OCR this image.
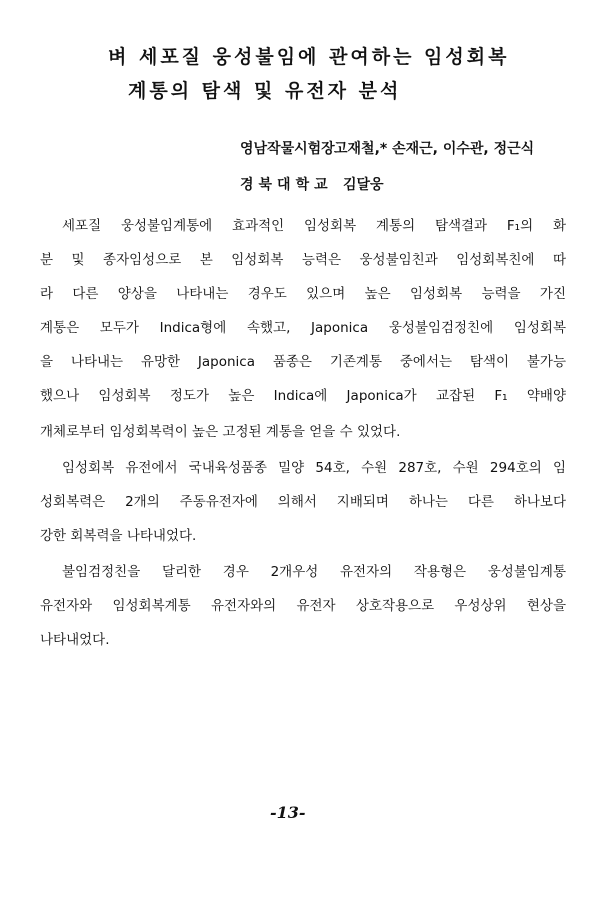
벼 세포질 웅성불임에 관여하는 임성회복
계통의 탐색 및 유전자 분석
영남작물시험장 고재철,* 손재근, 이수관, 정근식
경북대학교 김달웅
세포질 웅성불임계통에 효과적인 임성회복 계통의 탐색결과 F₁의 화
분 및 종자임성으로 본 임성회복 능력은 웅성불임친과 임성회복친에 따
라 다른 양상을 나타내는 경우도 있으며 높은 임성회복 능력을 가진
계통은 모두가 Indica형에 속했고, Japonica 웅성불임검정친에 임성회복
을 나타내는 유망한 Japonica 품종은 기존계통 중에서는 탐색이 불가능
했으나 임성회복 정도가 높은 Indica에 Japonica가 교잡된 F₁ 약배양
개체로부터 임성회복력이 높은 고정된 계통을 얻을 수 있었다.
임성회복 유전에서 국내육성품종 밀양 54호, 수원 287호, 수원 294호의 임
성회복력은 2개의 주동유전자에 의해서 지배되며 하나는 다른 하나보다
강한 회복력을 나타내었다.
불임검정친을 달리한 경우 2개우성 유전자의 작용형은 웅성불임계통
유전자와 임성회복계통 유전자와의 유전자 상호작용으로 우성상위 현상을
나타내었다.
-13-
